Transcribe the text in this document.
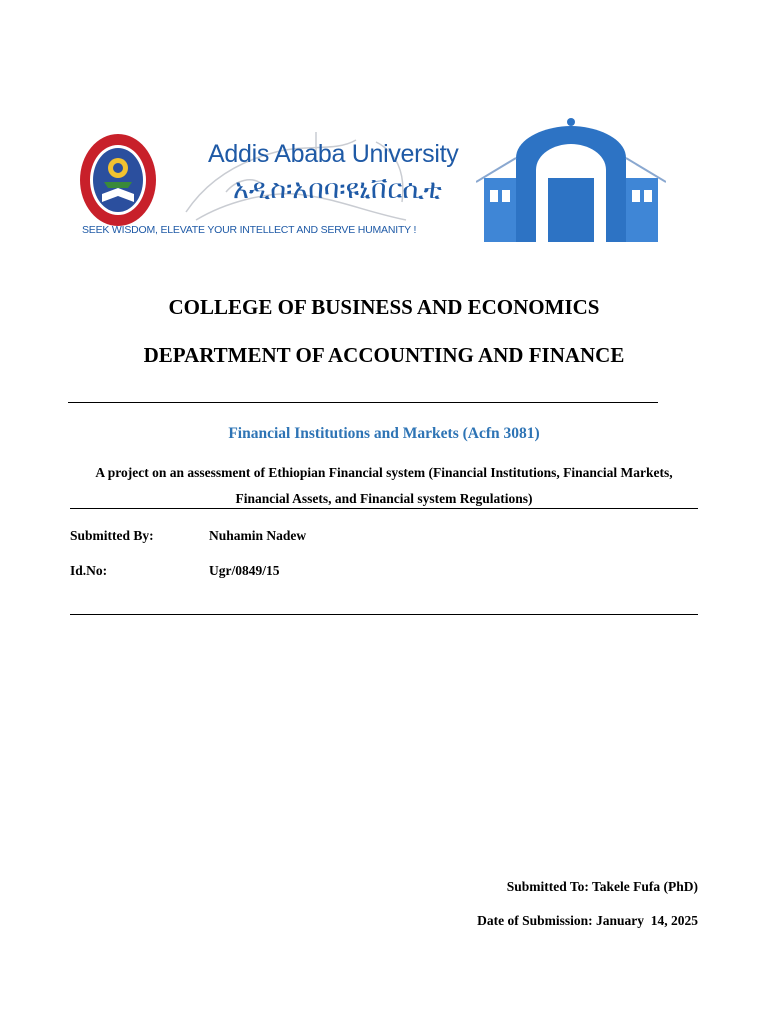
Addis Ababa University
አዲስ፡አበባ፡ዩኒቨርሲቲ
SEEK WISDOM, ELEVATE YOUR INTELLECT AND SERVE HUMANITY !
COLLEGE OF BUSINESS AND ECONOMICS
DEPARTMENT OF ACCOUNTING AND FINANCE
Financial Institutions and Markets (Acfn 3081)
A project on an assessment of Ethiopian Financial system (Financial Institutions, Financial Markets, Financial Assets, and Financial system Regulations)
Submitted By:	Nuhamin Nadew
Id.No:	Ugr/0849/15
Submitted To: Takele Fufa (PhD)
Date of Submission: January  14, 2025
